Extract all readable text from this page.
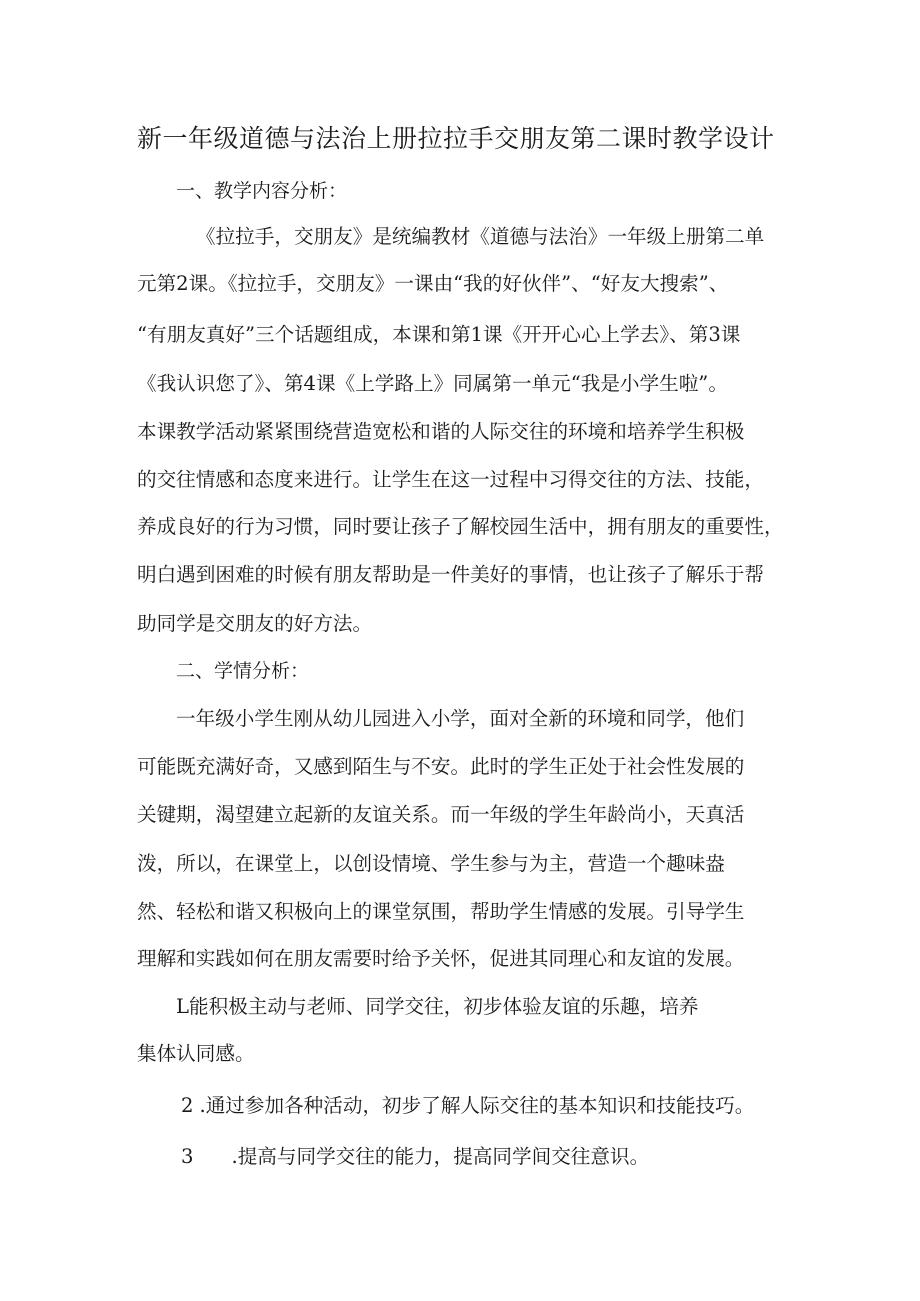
新一年级道德与法治上册拉拉手交朋友第二课时教学设计
一、教学内容分析：

《拉拉手，交朋友》是统编教材《道德与法治》一年级上册第二单

元第2课。《拉拉手，交朋友》一课由“我的好伙伴”、“好友大搜索”、

“有朋友真好”三个话题组成，本课和第1课《开开心心上学去》、第3课

《我认识您了》、第4课《上学路上》同属第一单元“我是小学生啦”。

本课教学活动紧紧围绕营造宽松和谐的人际交往的环境和培养学生积极

的交往情感和态度来进行。让学生在这一过程中习得交往的方法、技能，

养成良好的行为习惯，同时要让孩子了解校园生活中，拥有朋友的重要性，

明白遇到困难的时候有朋友帮助是一件美好的事情，也让孩子了解乐于帮

助同学是交朋友的好方法。

二、学情分析：

一年级小学生刚从幼儿园进入小学，面对全新的环境和同学，他们

可能既充满好奇，又感到陌生与不安。此时的学生正处于社会性发展的

关键期，渴望建立起新的友谊关系。而一年级的学生年龄尚小，天真活

泼，所以，在课堂上，以创设情境、学生参与为主，营造一个趣味盎

然、轻松和谐又积极向上的课堂氛围，帮助学生情感的发展。引导学生

理解和实践如何在朋友需要时给予关怀，促进其同理心和友谊的发展。

L能积极主动与老师、同学交往，初步体验友谊的乐趣，培养

集体认同感。

2 .通过参加各种活动，初步了解人际交往的基本知识和技能技巧。

3 .提高与同学交往的能力，提高同学间交往意识。
